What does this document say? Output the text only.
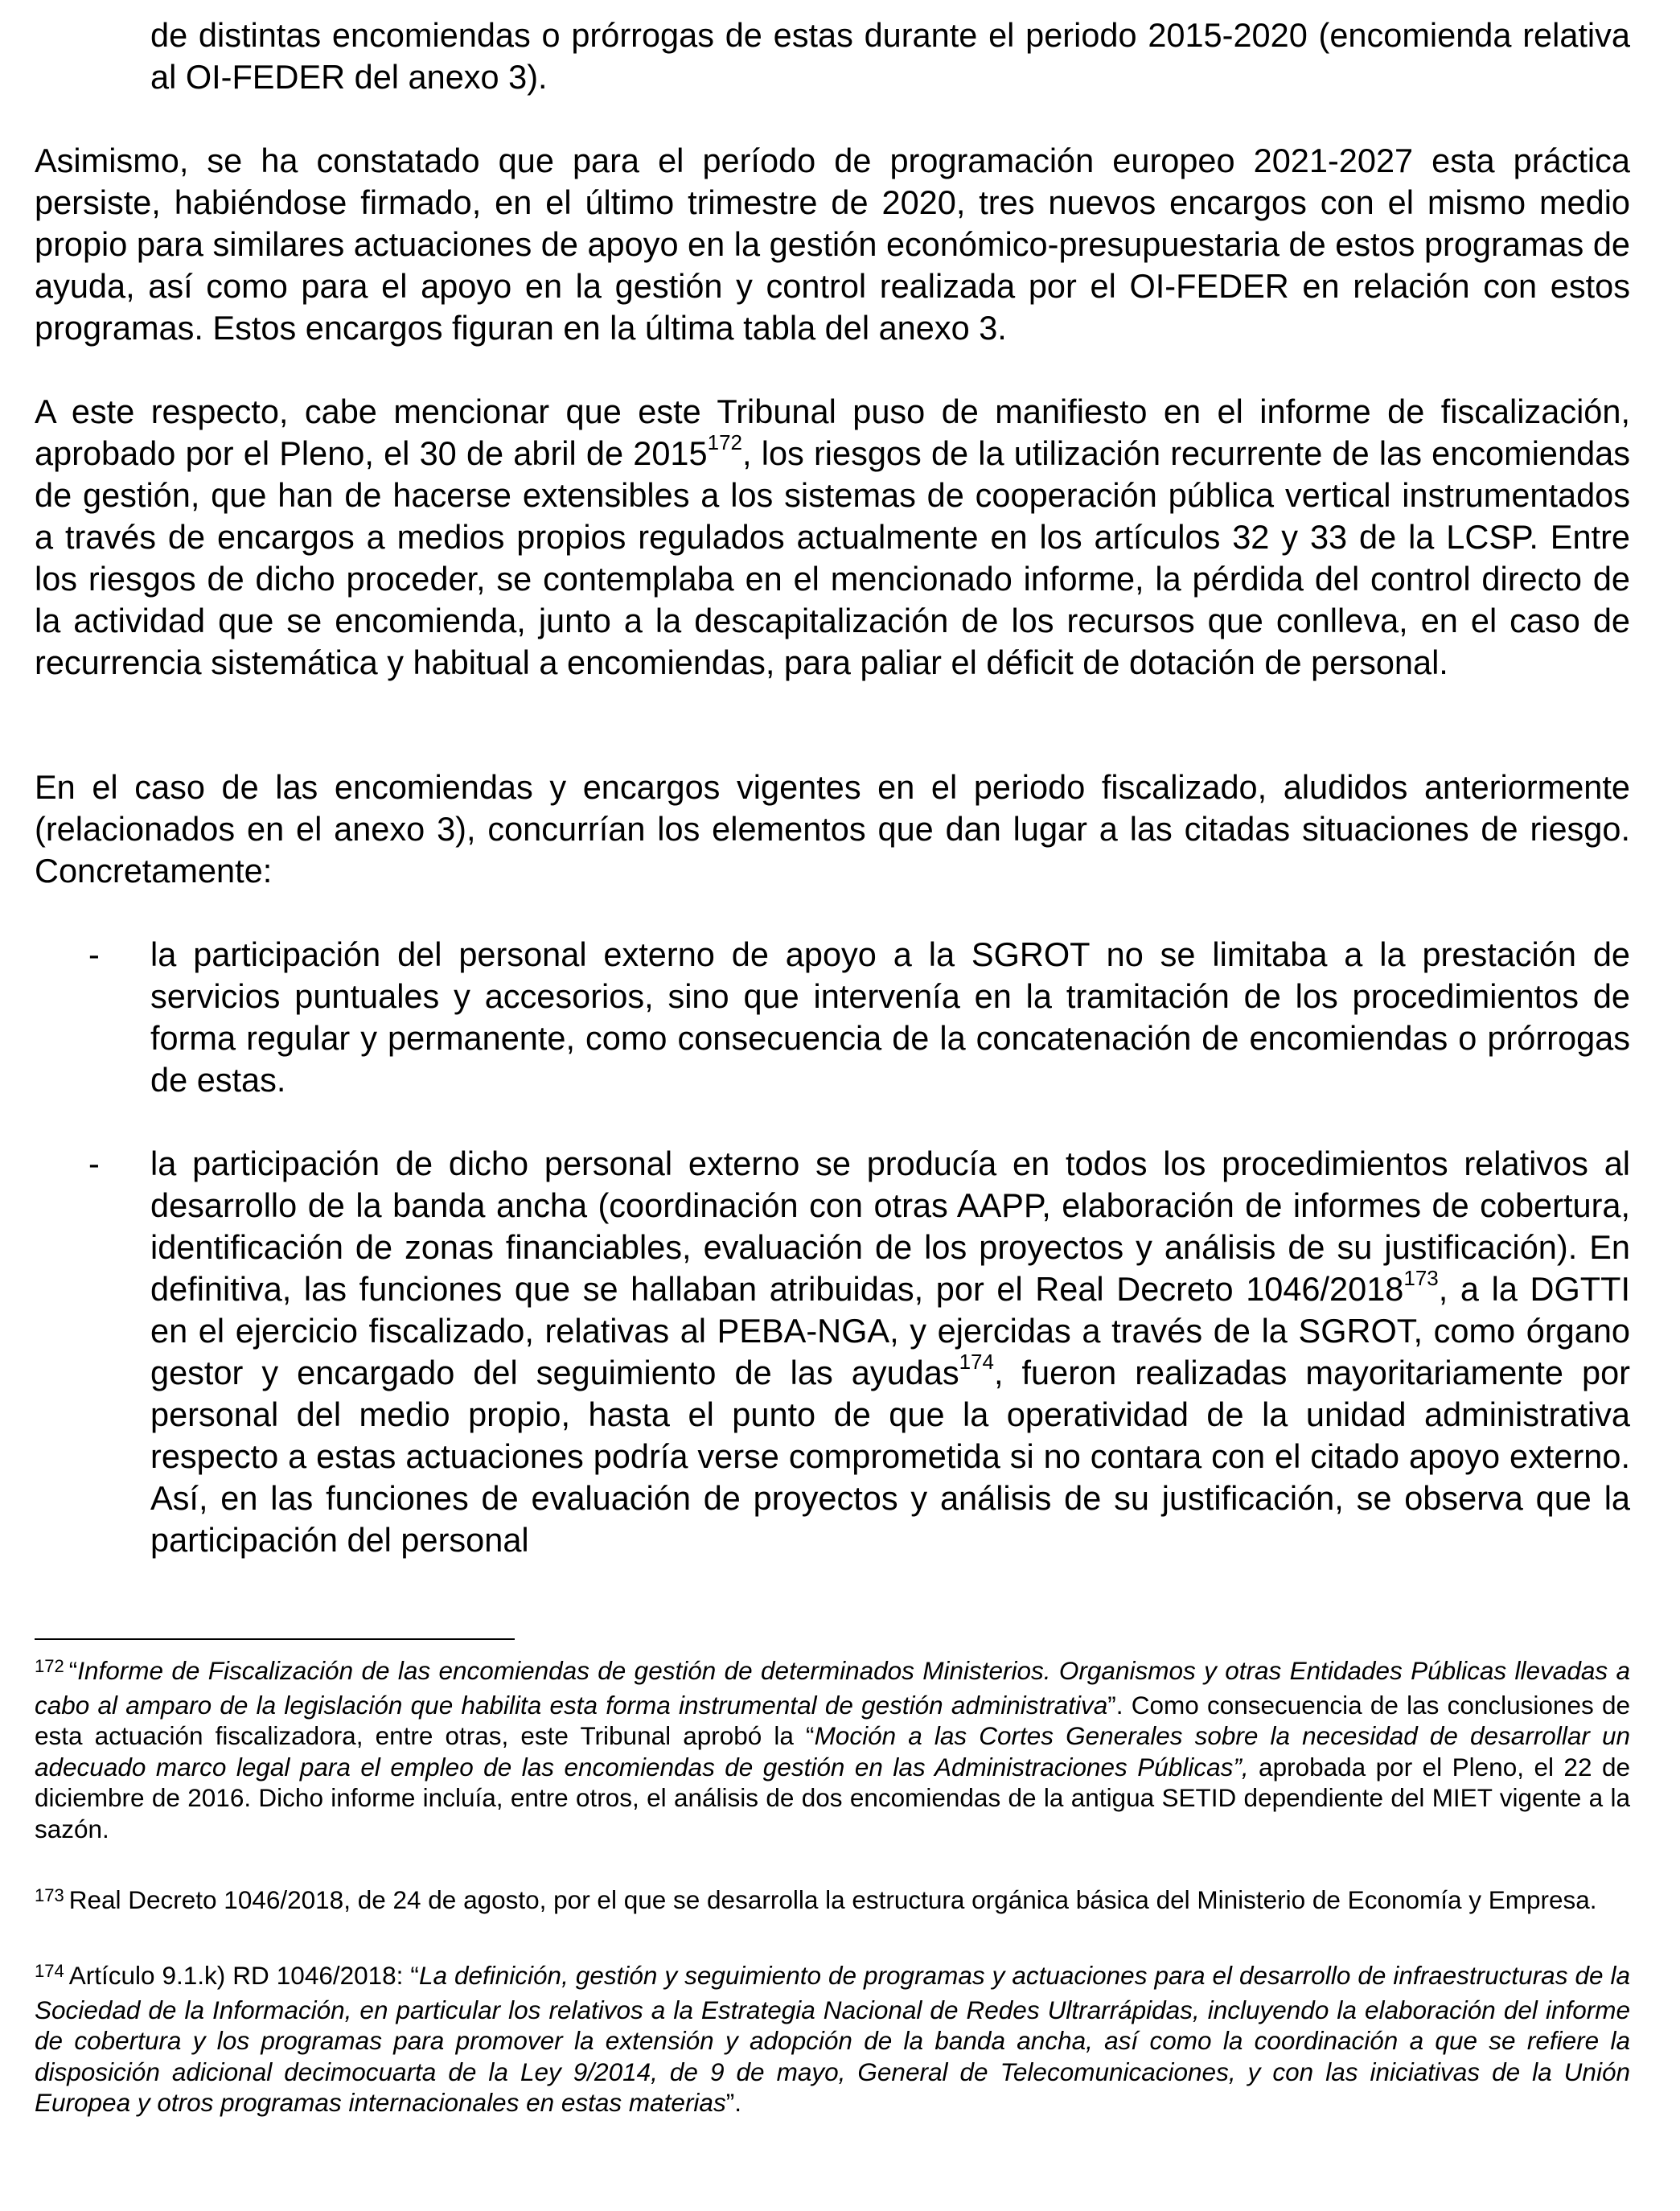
de distintas encomiendas o prórrogas de estas durante el periodo 2015-2020 (encomienda relativa al OI-FEDER del anexo 3).

Asimismo, se ha constatado que para el período de programación europeo 2021-2027 esta práctica persiste, habiéndose firmado, en el último trimestre de 2020, tres nuevos encargos con el mismo medio propio para similares actuaciones de apoyo en la gestión económico-presupuestaria de estos programas de ayuda, así como para el apoyo en la gestión y control realizada por el OI-FEDER en relación con estos programas. Estos encargos figuran en la última tabla del anexo 3.

A este respecto, cabe mencionar que este Tribunal puso de manifiesto en el informe de fiscalización, aprobado por el Pleno, el 30 de abril de 2015$^{172}$, los riesgos de la utilización recurrente de las encomiendas de gestión, que han de hacerse extensibles a los sistemas de cooperación pública vertical instrumentados a través de encargos a medios propios regulados actualmente en los artículos 32 y 33 de la LCSP. Entre los riesgos de dicho proceder, se contemplaba en el mencionado informe, la pérdida del control directo de la actividad que se encomienda, junto a la descapitalización de los recursos que conlleva, en el caso de recurrencia sistemática y habitual a encomiendas, para paliar el déficit de dotación de personal.

En el caso de las encomiendas y encargos vigentes en el periodo fiscalizado, aludidos anteriormente (relacionados en el anexo 3), concurrían los elementos que dan lugar a las citadas situaciones de riesgo. Concretamente:

- la participación del personal externo de apoyo a la SGROT no se limitaba a la prestación de servicios puntuales y accesorios, sino que intervenía en la tramitación de los procedimientos de forma regular y permanente, como consecuencia de la concatenación de encomiendas o prórrogas de estas.

- la participación de dicho personal externo se producía en todos los procedimientos relativos al desarrollo de la banda ancha (coordinación con otras AAPP, elaboración de informes de cobertura, identificación de zonas financiables, evaluación de los proyectos y análisis de su justificación). En definitiva, las funciones que se hallaban atribuidas, por el Real Decreto 1046/2018$^{173}$, a la DGTTI en el ejercicio fiscalizado, relativas al PEBA-NGA, y ejercidas a través de la SGROT, como órgano gestor y encargado del seguimiento de las ayudas$^{174}$, fueron realizadas mayoritariamente por personal del medio propio, hasta el punto de que la operatividad de la unidad administrativa respecto a estas actuaciones podría verse comprometida si no contara con el citado apoyo externo. Así, en las funciones de evaluación de proyectos y análisis de su justificación, se observa que la participación del personal

$^{172}$ “Informe de Fiscalización de las encomiendas de gestión de determinados Ministerios. Organismos y otras Entidades Públicas llevadas a cabo al amparo de la legislación que habilita esta forma instrumental de gestión administrativa”. Como consecuencia de las conclusiones de esta actuación fiscalizadora, entre otras, este Tribunal aprobó la “Moción a las Cortes Generales sobre la necesidad de desarrollar un adecuado marco legal para el empleo de las encomiendas de gestión en las Administraciones Públicas”, aprobada por el Pleno, el 22 de diciembre de 2016. Dicho informe incluía, entre otros, el análisis de dos encomiendas de la antigua SETID dependiente del MIET vigente a la sazón.

$^{173}$ Real Decreto 1046/2018, de 24 de agosto, por el que se desarrolla la estructura orgánica básica del Ministerio de Economía y Empresa.

$^{174}$ Artículo 9.1.k) RD 1046/2018: “La definición, gestión y seguimiento de programas y actuaciones para el desarrollo de infraestructuras de la Sociedad de la Información, en particular los relativos a la Estrategia Nacional de Redes Ultrarrápidas, incluyendo la elaboración del informe de cobertura y los programas para promover la extensión y adopción de la banda ancha, así como la coordinación a que se refiere la disposición adicional decimocuarta de la Ley 9/2014, de 9 de mayo, General de Telecomunicaciones, y con las iniciativas de la Unión Europea y otros programas internacionales en estas materias”.
